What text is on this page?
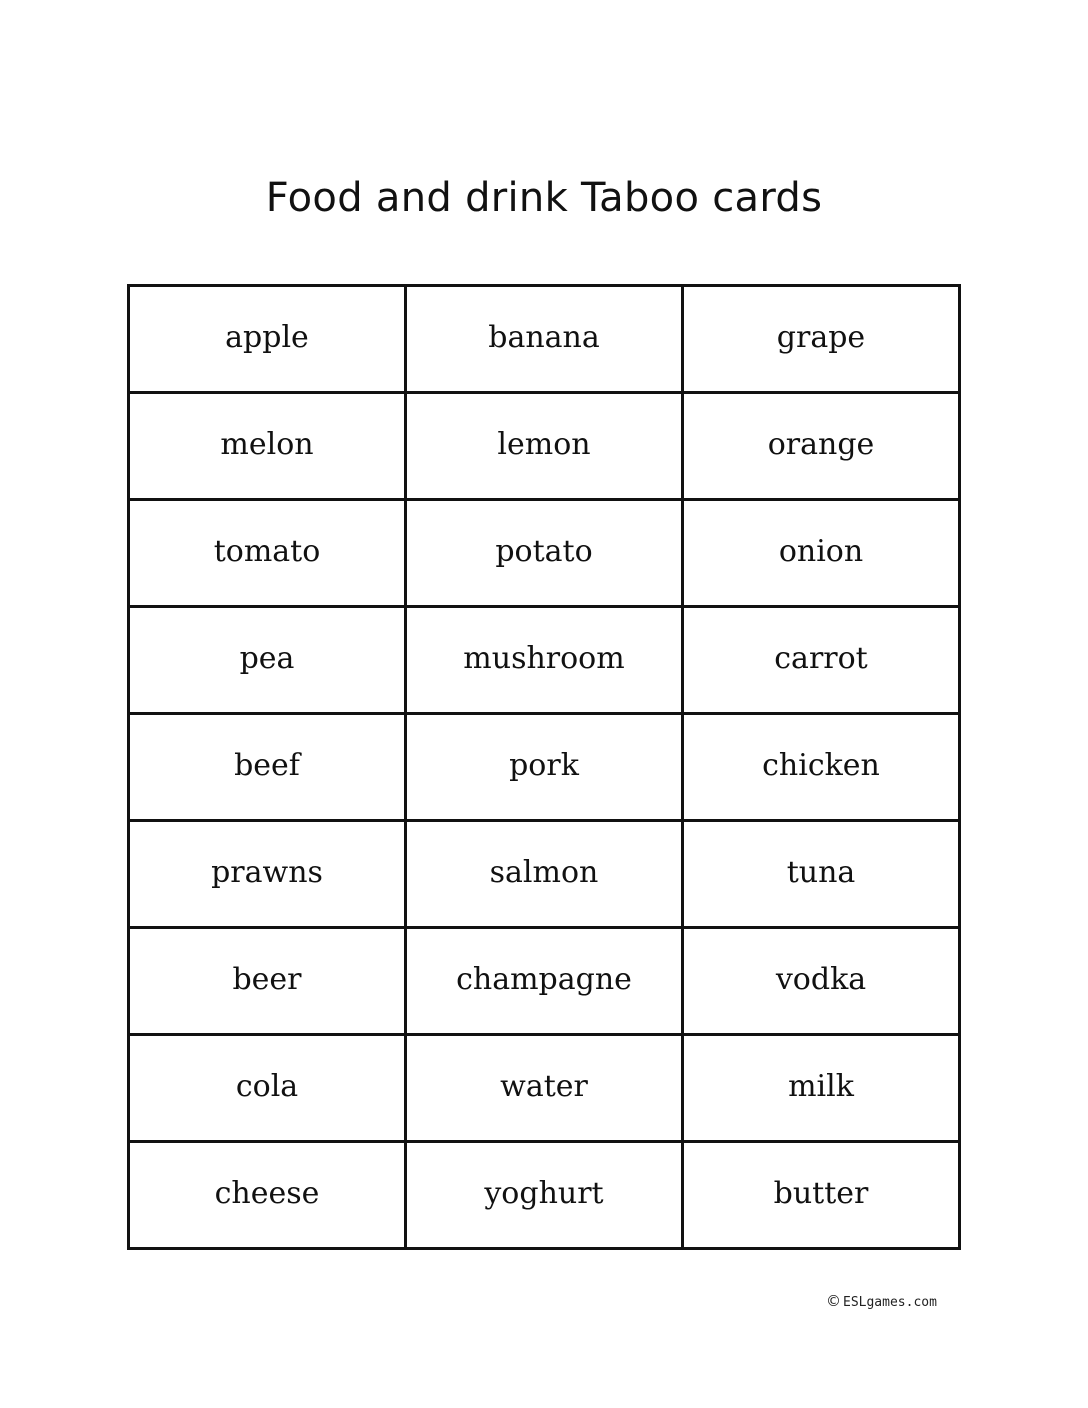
Food and drink Taboo cards
apple	banana	grape
melon	lemon	orange
tomato	potato	onion
pea	mushroom	carrot
beef	pork	chicken
prawns	salmon	tuna
beer	champagne	vodka
cola	water	milk
cheese	yoghurt	butter
© ESLgames.com
